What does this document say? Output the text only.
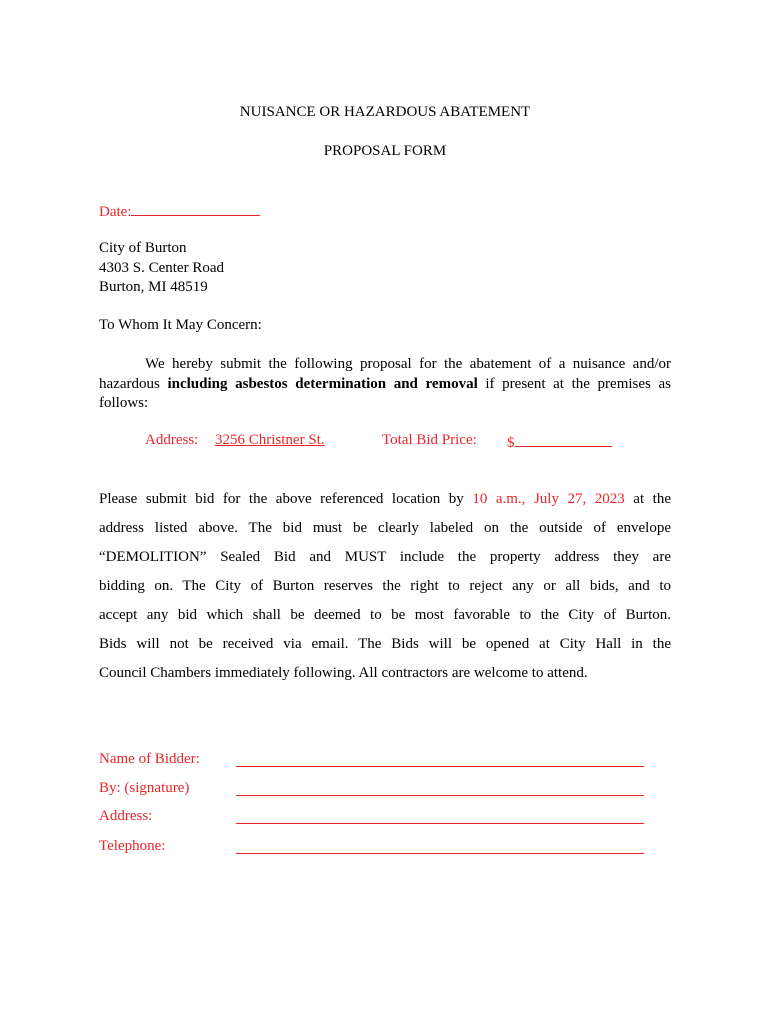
NUISANCE OR HAZARDOUS ABATEMENT
PROPOSAL FORM
Date:
City of Burton
4303 S. Center Road
Burton, MI 48519
To Whom It May Concern:

We hereby submit the following proposal for the abatement of a nuisance and/or hazardous including asbestos determination and removal if present at the premises as follows:

Address: 3256 Christner St.	Total Bid Price: $
Please submit bid for the above referenced location by 10 a.m., July 27, 2023 at the
address listed above. The bid must be clearly labeled on the outside of envelope
“DEMOLITION” Sealed Bid and MUST include the property address they are
bidding on. The City of Burton reserves the right to reject any or all bids, and to
accept any bid which shall be deemed to be most favorable to the City of Burton.
Bids will not be received via email. The Bids will be opened at City Hall in the
Council Chambers immediately following. All contractors are welcome to attend.
Name of Bidder:
By: (signature)
Address:
Telephone:
